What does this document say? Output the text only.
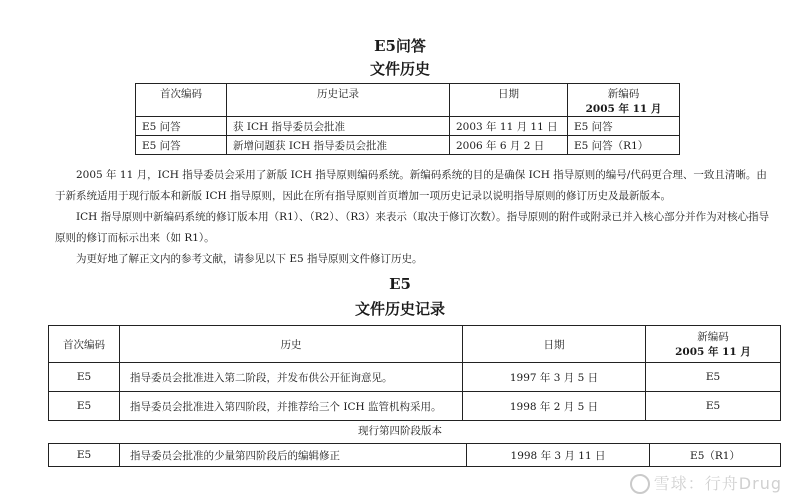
E5问答
文件历史
首次编码	历史记录	日期	新编码
2005 年 11 月

E5 问答	获 ICH 指导委员会批准	2003 年 11 月 11 日	E5 问答
E5 问答	新增问题获 ICH 指导委员会批准	2006 年 6 月 2 日	E5 问答（R1）

2005 年 11 月，ICH 指导委员会采用了新版 ICH 指导原则编码系统。新编码系统的目的是确保 ICH 指导原则的编号/代码更合理、一致且清晰。由于新系统适用于现行版本和新版 ICH 指导原则，因此在所有指导原则首页增加一项历史记录以说明指导原则的修订历史及最新版本。

ICH 指导原则中新编码系统的修订版本用（R1）、（R2）、（R3）来表示（取决于修订次数）。指导原则的附件或附录已并入核心部分并作为对核心指导原则的修订而标示出来（如 R1）。

为更好地了解正文内的参考文献，请参见以下 E5 指导原则文件修订历史。

E5
文件历史记录
首次编码	历史	日期	新编码
2005 年 11 月

E5	指导委员会批准进入第二阶段，并发布供公开征询意见。	1997 年 3 月 5 日	E5
E5	指导委员会批准进入第四阶段，并推荐给三个 ICH 监管机构采用。	1998 年 2 月 5 日	E5
现行第四阶段版本
E5	指导委员会批准的少量第四阶段后的编辑修正	1998 年 3 月 11 日	E5（R1）
雪球：行舟Drug
